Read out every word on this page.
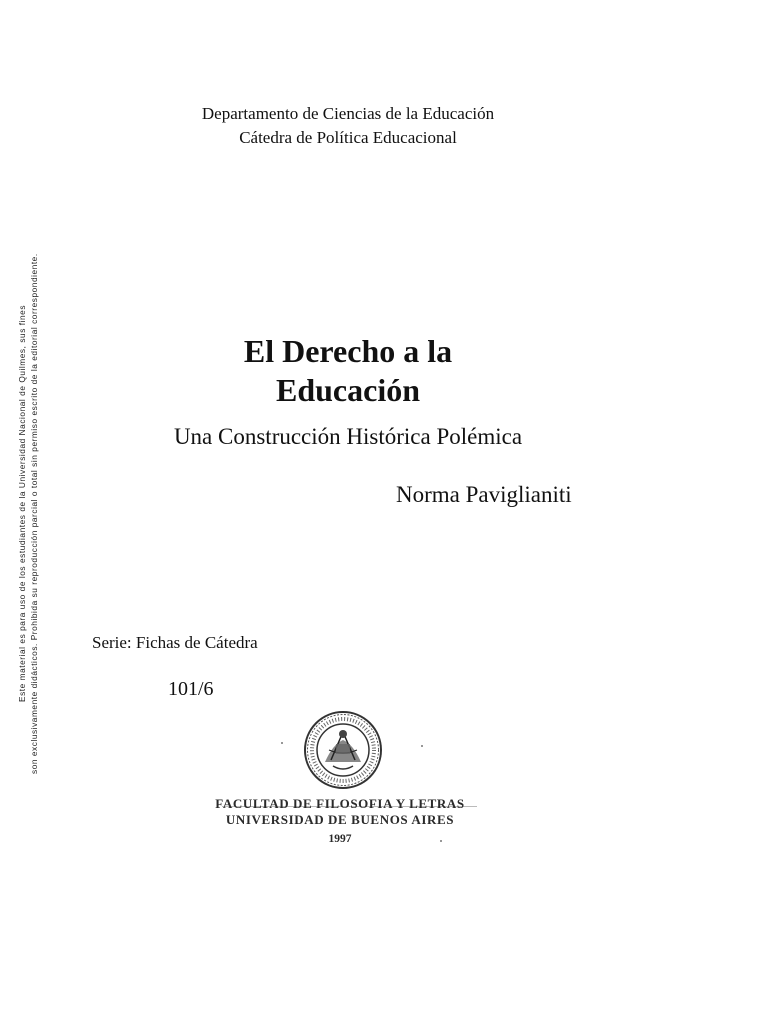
Departamento de Ciencias de la Educación
Cátedra de Política Educacional
Este material es para uso de los estudiantes de la Universidad Nacional de Quilmes, sus fines son exclusivamente didácticos. Prohibida su reproducción parcial o total sin permiso escrito de la editorial correspondiente.	El Derecho a la
Educación
Una Construcción Histórica Polémica
Norma Paviglianiti
Serie: Fichas de Cátedra
101/6
FACULTAD DE FILOSOFIA Y LETRAS
UNIVERSIDAD DE BUENOS AIRES
1997
